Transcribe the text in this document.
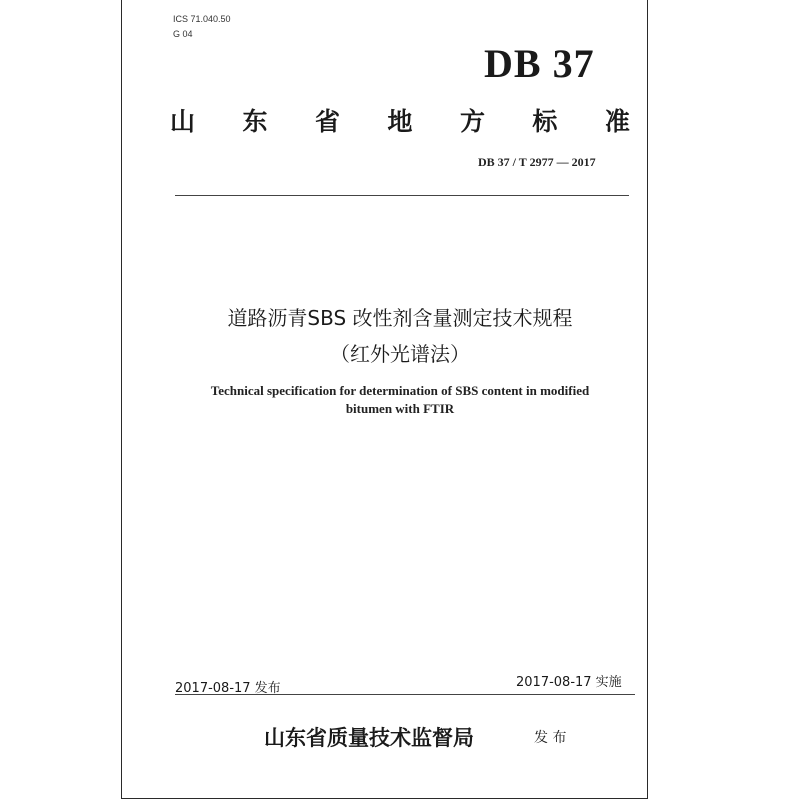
ICS 71.040.50
G 04
DB 37
山 东 省 地 方 标 准
DB 37 / T 2977 — 2017
道路沥青SBS 改性剂含量测定技术规程
（红外光谱法）
Technical specification for determination of SBS content in modified
bitumen with FTIR
2017-08-17 发布	2017-08-17 实施
山东省质量技术监督局	发 布
